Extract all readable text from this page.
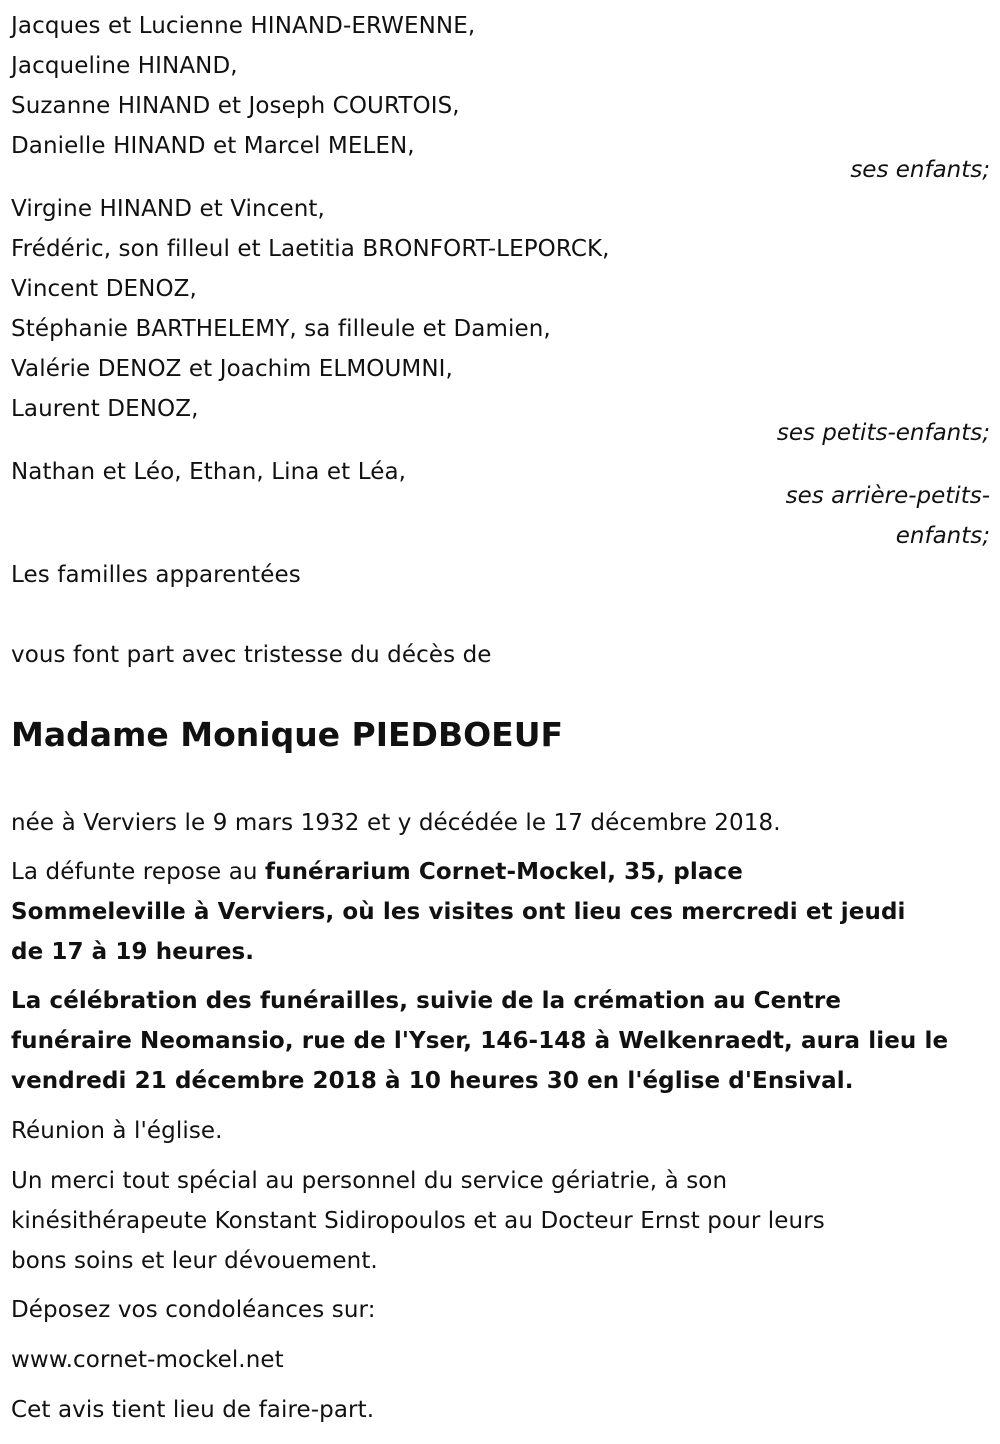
Jacques et Lucienne HINAND-ERWENNE,
Jacqueline HINAND,
Suzanne HINAND et Joseph COURTOIS,
Danielle HINAND et Marcel MELEN,
ses enfants;
Virgine HINAND et Vincent,
Frédéric, son filleul et Laetitia BRONFORT-LEPORCK,
Vincent DENOZ,
Stéphanie BARTHELEMY, sa filleule et Damien,
Valérie DENOZ et Joachim ELMOUMNI,
Laurent DENOZ,
ses petits-enfants;
Nathan et Léo, Ethan, Lina et Léa,
ses arrière-petits-
enfants;
Les familles apparentées
vous font part avec tristesse du décès de
Madame Monique PIEDBOEUF
née à Verviers le 9 mars 1932 et y décédée le 17 décembre 2018.
La défunte repose au funérarium Cornet-Mockel, 35, place
Sommeleville à Verviers, où les visites ont lieu ces mercredi et jeudi
de 17 à 19 heures.
La célébration des funérailles, suivie de la crémation au Centre
funéraire Neomansio, rue de l'Yser, 146-148 à Welkenraedt, aura lieu le
vendredi 21 décembre 2018 à 10 heures 30 en l'église d'Ensival.
Réunion à l'église.
Un merci tout spécial au personnel du service gériatrie, à son
kinésithérapeute Konstant Sidiropoulos et au Docteur Ernst pour leurs
bons soins et leur dévouement.
Déposez vos condoléances sur:
www.cornet-mockel.net
Cet avis tient lieu de faire-part.
